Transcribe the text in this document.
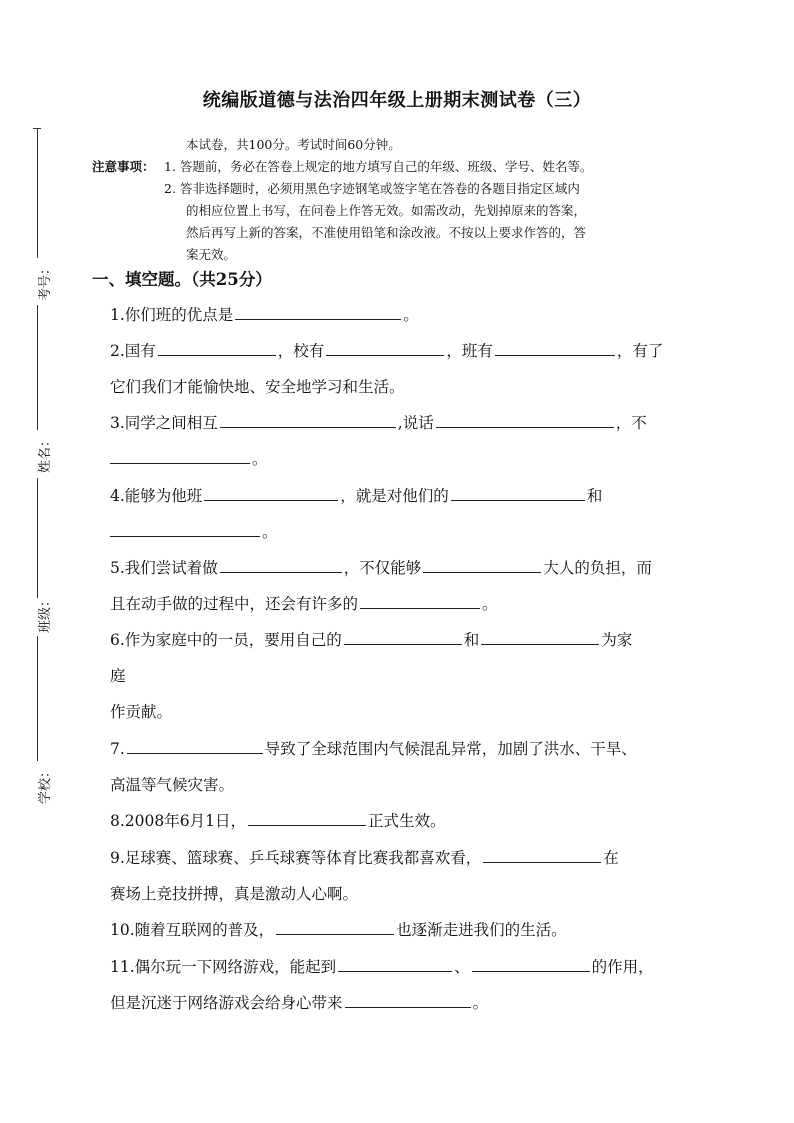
考号：
姓名：
班级：
学校：
统编版道德与法治四年级上册期末测试卷（三）
本试卷，共100分。考试时间60分钟。
注意事项： 1. 答题前，务必在答卷上规定的地方填写自己的年级、班级、学号、姓名等。
2. 答非选择题时，必须用黑色字迹钢笔或签字笔在答卷的各题目指定区域内
的相应位置上书写，在问卷上作答无效。如需改动，先划掉原来的答案，
然后再写上新的答案，不准使用铅笔和涂改液。不按以上要求作答的，答
案无效。
一、填空题。（共25分）
1.你们班的优点是	。
2.国有	，校有	，班有	，有了
它们我们才能愉快地、安全地学习和生活。
3.同学之间相互	,说话	，不
。
4.能够为他班	，就是对他们的	和
。
5.我们尝试着做	，不仅能够	大人的负担，而
且在动手做的过程中，还会有许多的	。
6.作为家庭中的一员，要用自己的	和	为家
庭
作贡献。
7.	导致了全球范围内气候混乱异常，加剧了洪水、干旱、
高温等气候灾害。
8.2008年6月1日，	正式生效。
9.足球赛、篮球赛、乒乓球赛等体育比赛我都喜欢看，	在
赛场上竞技拼搏，真是激动人心啊。
10.随着互联网的普及，	也逐渐走进我们的生活。
11.偶尔玩一下网络游戏，能起到	、	的作用，
但是沉迷于网络游戏会给身心带来	。
